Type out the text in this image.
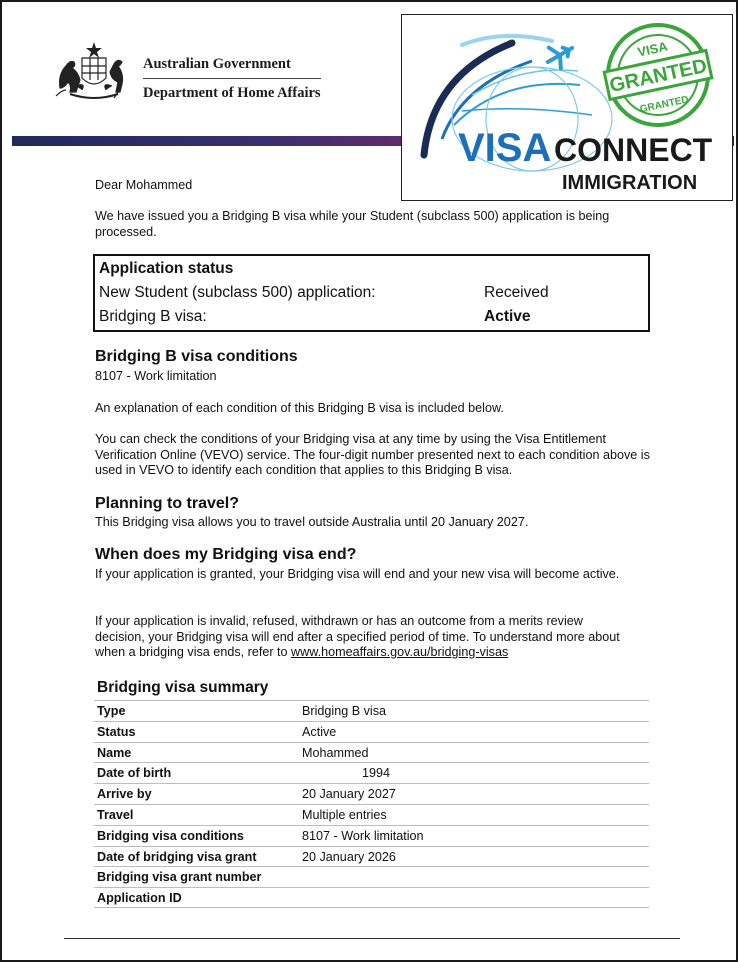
Australian Government
Department of Home Affairs	GRANTED
VISA
GRANTED
VISA CONNECT
IMMIGRATION
Dear Mohammed
We have issued you a Bridging B visa while your Student (subclass 500) application is being processed.
Application status
New Student (subclass 500) application:	Received
Bridging B visa:	Active
Bridging B visa conditions
8107 - Work limitation
An explanation of each condition of this Bridging B visa is included below.
You can check the conditions of your Bridging visa at any time by using the Visa Entitlement Verification Online (VEVO) service. The four-digit number presented next to each condition above is used in VEVO to identify each condition that applies to this Bridging B visa.
Planning to travel?
This Bridging visa allows you to travel outside Australia until 20 January 2027.
When does my Bridging visa end?
If your application is granted, your Bridging visa will end and your new visa will become active.
If your application is invalid, refused, withdrawn or has an outcome from a merits review decision, your Bridging visa will end after a specified period of time. To understand more about when a bridging visa ends, refer to www.homeaffairs.gov.au/bridging-visas
Bridging visa summary
Type	Bridging B visa
Status	Active
Name	Mohammed
Date of birth	1994
Arrive by	20 January 2027
Travel	Multiple entries
Bridging visa conditions	8107 - Work limitation
Date of bridging visa grant	20 January 2026
Bridging visa grant number
Application ID
